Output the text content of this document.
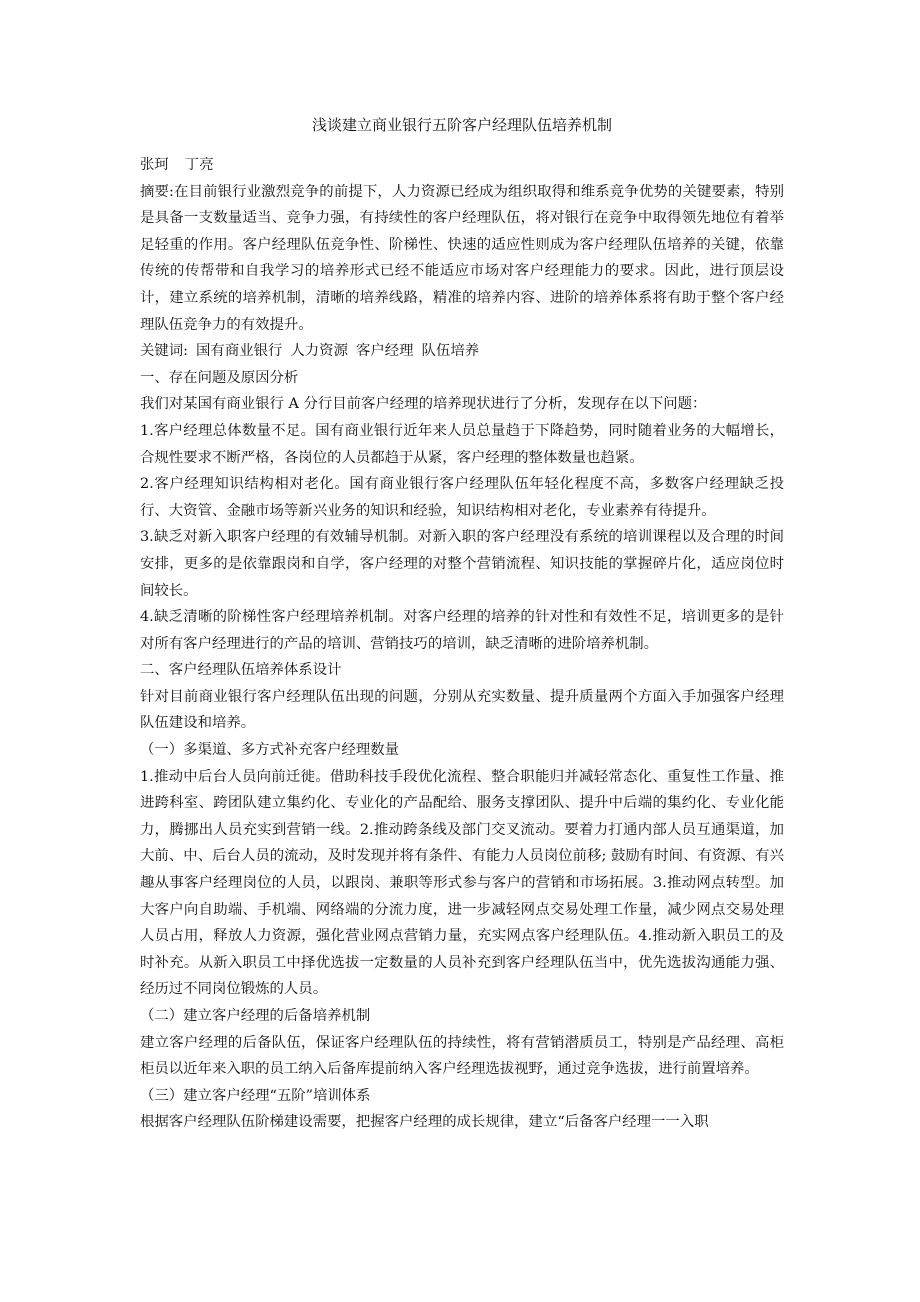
浅谈建立商业银行五阶客户经理队伍培养机制

张珂 丁亮

摘要:在目前银行业激烈竞争的前提下，人力资源已经成为组织取得和维系竞争优势的关键要素，特别是具备一支数量适当、竞争力强，有持续性的客户经理队伍，将对银行在竞争中取得领先地位有着举足轻重的作用。客户经理队伍竞争性、阶梯性、快速的适应性则成为客户经理队伍培养的关键，依靠传统的传帮带和自我学习的培养形式已经不能适应市场对客户经理能力的要求。因此，进行顶层设计，建立系统的培养机制，清晰的培养线路，精准的培养内容、进阶的培养体系将有助于整个客户经理队伍竞争力的有效提升。

关键词: 国有商业银行 人力资源 客户经理 队伍培养

一、存在问题及原因分析

我们对某国有商业银行 A 分行目前客户经理的培养现状进行了分析，发现存在以下问题：

1.客户经理总体数量不足。国有商业银行近年来人员总量趋于下降趋势，同时随着业务的大幅增长，合规性要求不断严格，各岗位的人员都趋于从紧，客户经理的整体数量也趋紧。

2.客户经理知识结构相对老化。国有商业银行客户经理队伍年轻化程度不高，多数客户经理缺乏投行、大资管、金融市场等新兴业务的知识和经验，知识结构相对老化，专业素养有待提升。

3.缺乏对新入职客户经理的有效辅导机制。对新入职的客户经理没有系统的培训课程以及合理的时间安排，更多的是依靠跟岗和自学，客户经理的对整个营销流程、知识技能的掌握碎片化，适应岗位时间较长。

4.缺乏清晰的阶梯性客户经理培养机制。对客户经理的培养的针对性和有效性不足，培训更多的是针对所有客户经理进行的产品的培训、营销技巧的培训，缺乏清晰的进阶培养机制。

二、客户经理队伍培养体系设计

针对目前商业银行客户经理队伍出现的问题，分别从充实数量、提升质量两个方面入手加强客户经理队伍建设和培养。

（一）多渠道、多方式补充客户经理数量

1.推动中后台人员向前迁徙。借助科技手段优化流程、整合职能归并减轻常态化、重复性工作量、推进跨科室、跨团队建立集约化、专业化的产品配给、服务支撑团队、提升中后端的集约化、专业化能力，腾挪出人员充实到营销一线。2.推动跨条线及部门交叉流动。要着力打通内部人员互通渠道，加大前、中、后台人员的流动，及时发现并将有条件、有能力人员岗位前移; 鼓励有时间、有资源、有兴趣从事客户经理岗位的人员，以跟岗、兼职等形式参与客户的营销和市场拓展。3.推动网点转型。加大客户向自助端、手机端、网络端的分流力度，进一步减轻网点交易处理工作量，减少网点交易处理人员占用，释放人力资源，强化营业网点营销力量，充实网点客户经理队伍。4.推动新入职员工的及时补充。从新入职员工中择优选拔一定数量的人员补充到客户经理队伍当中，优先选拔沟通能力强、经历过不同岗位锻炼的人员。

（二）建立客户经理的后备培养机制

建立客户经理的后备队伍，保证客户经理队伍的持续性，将有营销潜质员工，特别是产品经理、高柜柜员以近年来入职的员工纳入后备库提前纳入客户经理选拔视野，通过竞争选拔，进行前置培养。

（三）建立客户经理“五阶”培训体系

根据客户经理队伍阶梯建设需要，把握客户经理的成长规律，建立“后备客户经理一一入职
